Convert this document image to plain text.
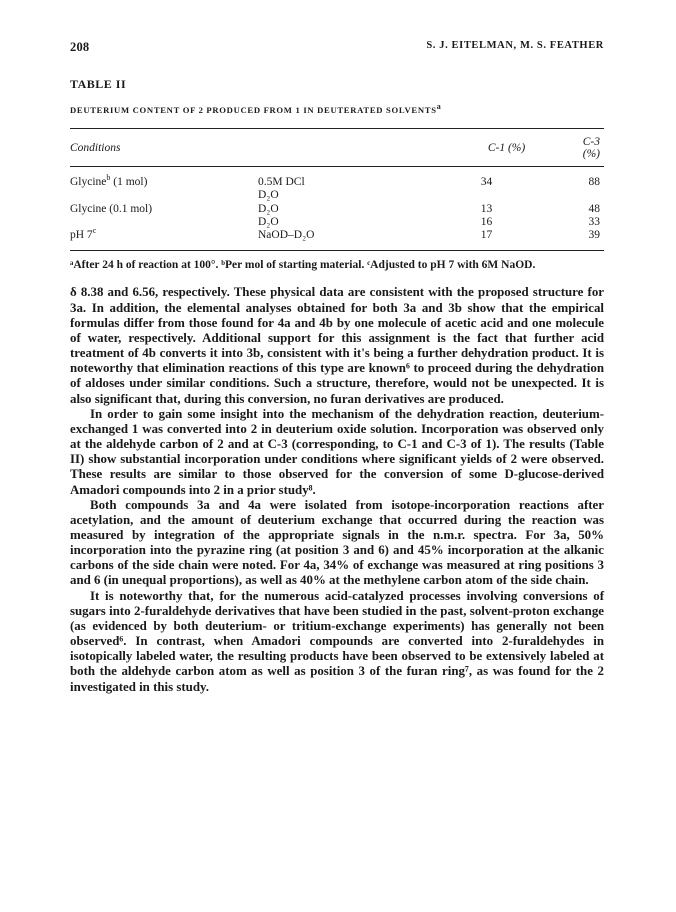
208	S. J. EITELMAN, M. S. FEATHER
TABLE II
DEUTERIUM CONTENT OF 2 PRODUCED FROM 1 IN DEUTERATED SOLVENTS$^a$
Conditions		C-1 (%)	C-3 (%)

Glycine$^b$ (1 mol)	0.5M DCl	34	88
	D₂O		
Glycine (0.1 mol)	D₂O	13	48
	D₂O	16	33
pH 7$^c$	NaOD–D₂O	17	39
ᵃAfter 24 h of reaction at 100°. ᵇPer mol of starting material. ᶜAdjusted to pH 7 with 6M NaOD.

δ 8.38 and 6.56, respectively. These physical data are consistent with the proposed structure for 3a. In addition, the elemental analyses obtained for both 3a and 3b show that the empirical formulas differ from those found for 4a and 4b by one molecule of acetic acid and one molecule of water, respectively. Additional support for this assignment is the fact that further acid treatment of 4b converts it into 3b, consistent with it's being a further dehydration product. It is noteworthy that elimination reactions of this type are known⁶ to proceed during the dehydration of aldoses under similar conditions. Such a structure, therefore, would not be unexpected. It is also significant that, during this conversion, no furan derivatives are produced.

In order to gain some insight into the mechanism of the dehydration reaction, deuterium-exchanged 1 was converted into 2 in deuterium oxide solution. Incorporation was observed only at the aldehyde carbon of 2 and at C-3 (corresponding, to C-1 and C-3 of 1). The results (Table II) show substantial incorporation under conditions where significant yields of 2 were observed. These results are similar to those observed for the conversion of some D-glucose-derived Amadori compounds into 2 in a prior study⁸.

Both compounds 3a and 4a were isolated from isotope-incorporation reactions after acetylation, and the amount of deuterium exchange that occurred during the reaction was measured by integration of the appropriate signals in the n.m.r. spectra. For 3a, 50% incorporation into the pyrazine ring (at position 3 and 6) and 45% incorporation at the alkanic carbons of the side chain were noted. For 4a, 34% of exchange was measured at ring positions 3 and 6 (in unequal proportions), as well as 40% at the methylene carbon atom of the side chain.

It is noteworthy that, for the numerous acid-catalyzed processes involving conversions of sugars into 2-furaldehyde derivatives that have been studied in the past, solvent-proton exchange (as evidenced by both deuterium- or tritium-exchange experiments) has generally not been observed⁶. In contrast, when Amadori compounds are converted into 2-furaldehydes in isotopically labeled water, the resulting products have been observed to be extensively labeled at both the aldehyde carbon atom as well as position 3 of the furan ring⁷, as was found for the 2 investigated in this study.
